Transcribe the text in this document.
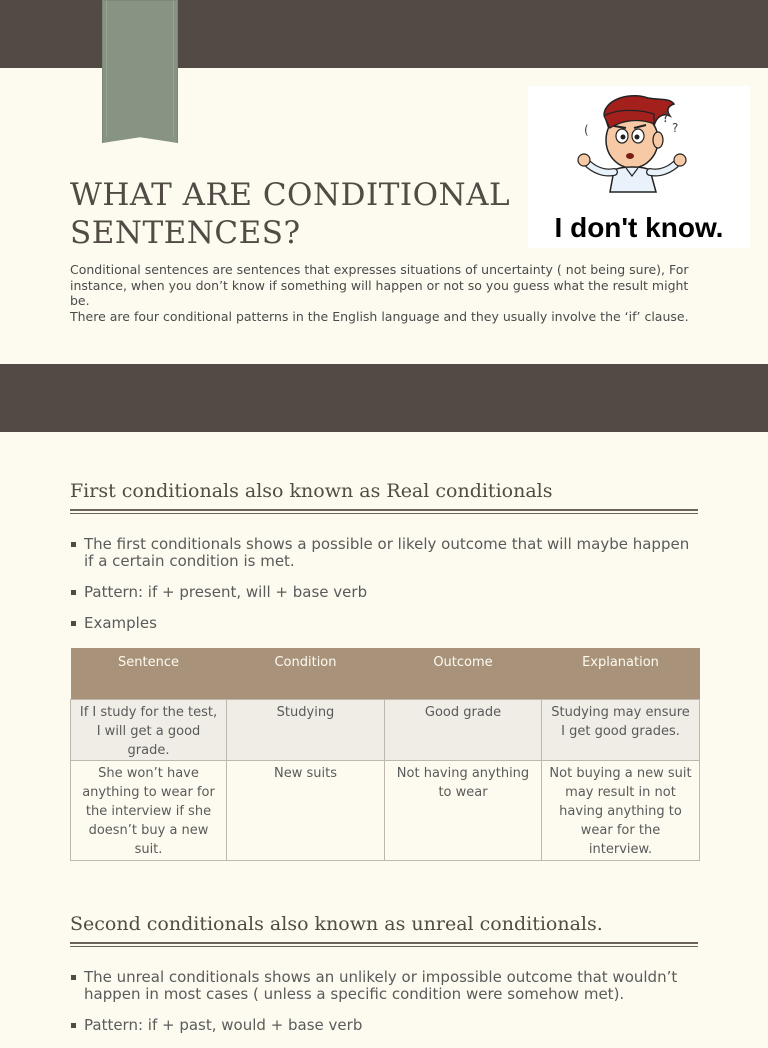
?
?
(
I don't know.
WHAT ARE CONDITIONAL SENTENCES?

Conditional sentences are sentences that expresses situations of uncertainty ( not being sure), For instance, when you don’t know if something will happen or not so you guess what the result might be.

There are four conditional patterns in the English language and they usually involve the ‘if’ clause.

First conditionals also known as Real conditionals
The first conditionals shows a possible or likely outcome that will maybe happen if a certain condition is met.
Pattern: if + present, will + base verb
Examples
Sentence	Condition	Outcome	Explanation
If I study for the test, I will get a good grade.	Studying	Good grade	Studying may ensure I get good grades.
She won’t have anything to wear for the interview if she doesn’t buy a new suit.	New suits	Not having anything to wear	Not buying a new suit may result in not having anything to wear for the interview.
Second conditionals also known as unreal conditionals.
The unreal conditionals shows an unlikely or impossible outcome that wouldn’t happen in most cases ( unless a specific condition were somehow met).
Pattern: if + past, would + base verb
